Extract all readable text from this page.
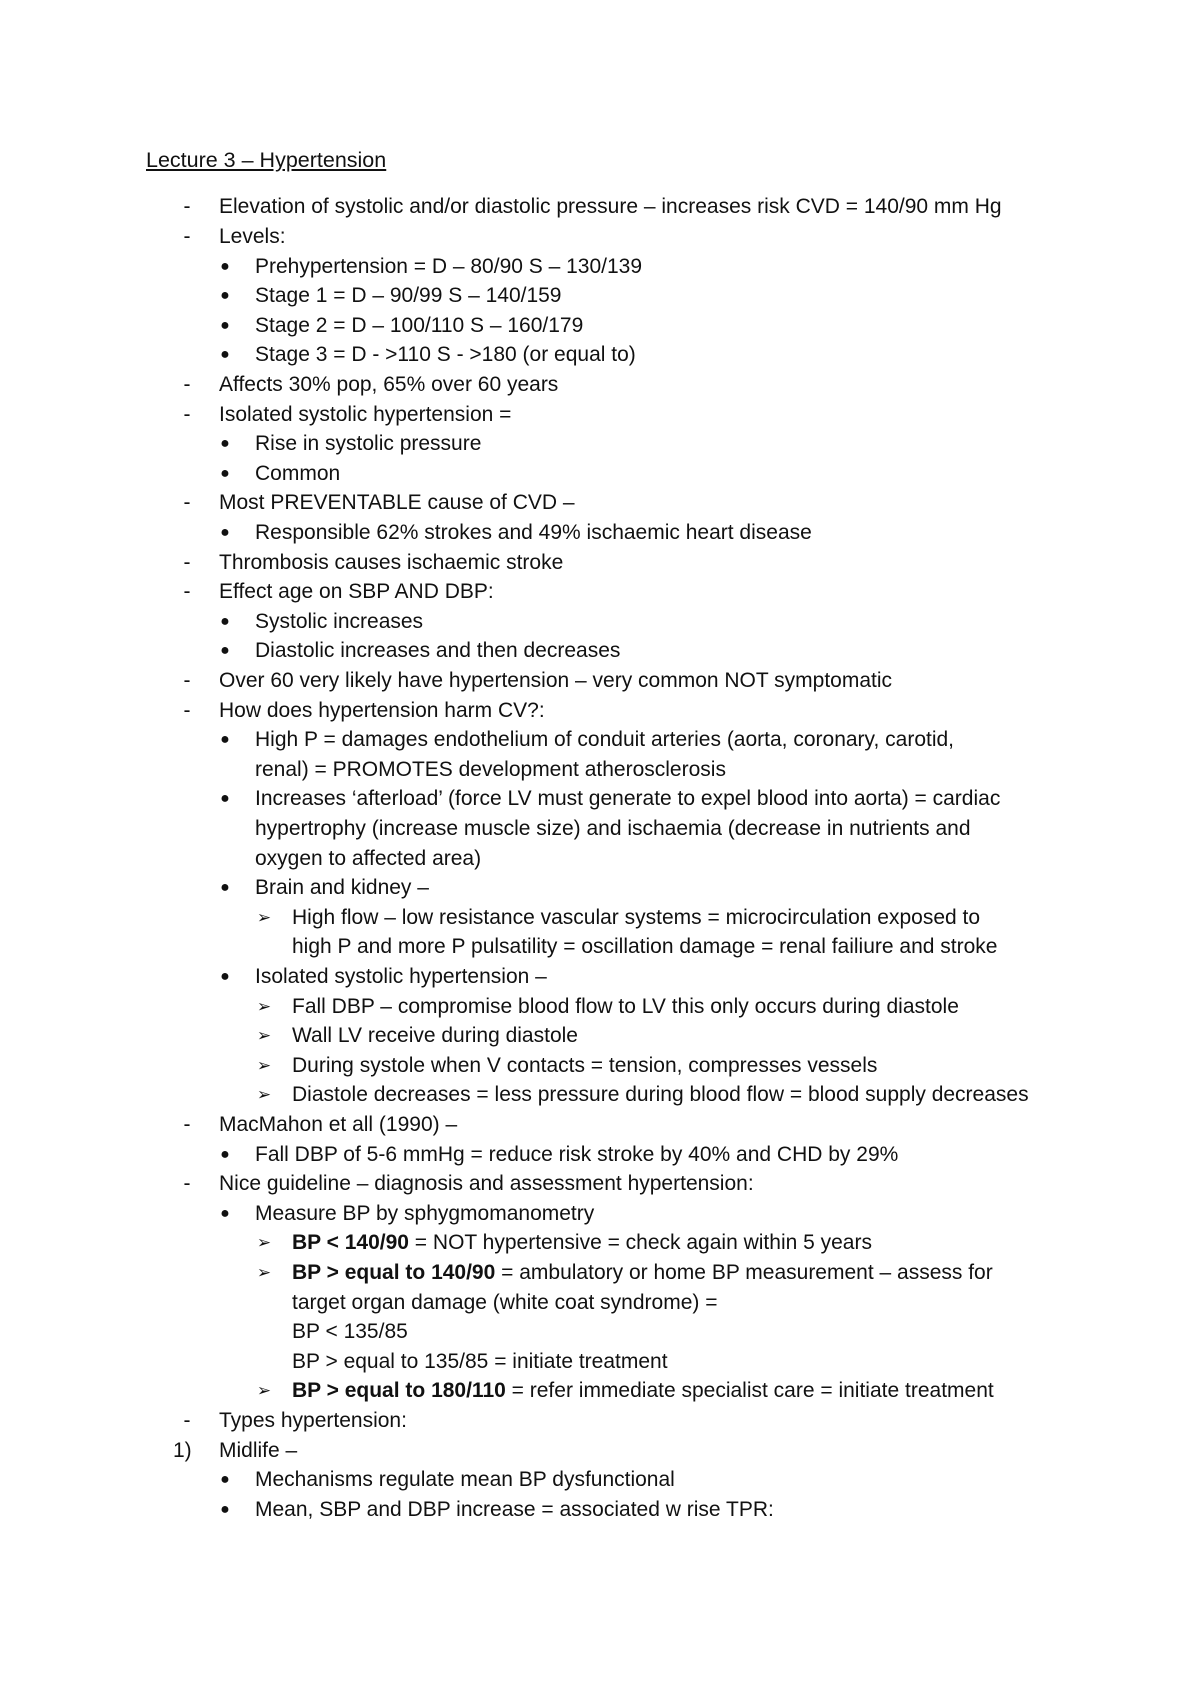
Lecture 3 – Hypertension
-	Elevation of systolic and/or diastolic pressure – increases risk CVD = 140/90 mm Hg
-	Levels:
●	Prehypertension = D – 80/90 S – 130/139
●	Stage 1 = D – 90/99 S – 140/159
●	Stage 2 = D – 100/110 S – 160/179
●	Stage 3 = D - >110 S - >180 (or equal to)
-	Affects 30% pop, 65% over 60 years
-	Isolated systolic hypertension =
●	Rise in systolic pressure
●	Common
-	Most PREVENTABLE cause of CVD –
●	Responsible 62% strokes and 49% ischaemic heart disease
-	Thrombosis causes ischaemic stroke
-	Effect age on SBP AND DBP:
●	Systolic increases
●	Diastolic increases and then decreases
-	Over 60 very likely have hypertension – very common NOT symptomatic
-	How does hypertension harm CV?:
●	High P = damages endothelium of conduit arteries (aorta, coronary, carotid,
renal) = PROMOTES development atherosclerosis
●	Increases ‘afterload’ (force LV must generate to expel blood into aorta) = cardiac
hypertrophy (increase muscle size) and ischaemia (decrease in nutrients and
oxygen to affected area)
●	Brain and kidney –
➢ High flow – low resistance vascular systems = microcirculation exposed to
high P and more P pulsatility = oscillation damage = renal failiure and stroke
●	Isolated systolic hypertension –
➢ Fall DBP – compromise blood flow to LV this only occurs during diastole
➢ Wall LV receive during diastole
➢ During systole when V contacts = tension, compresses vessels
➢ Diastole decreases = less pressure during blood flow = blood supply decreases
-	MacMahon et all (1990) –
●	Fall DBP of 5-6 mmHg = reduce risk stroke by 40% and CHD by 29%
-	Nice guideline – diagnosis and assessment hypertension:
●	Measure BP by sphygmomanometry
➢ BP < 140/90 = NOT hypertensive = check again within 5 years
➢ BP > equal to 140/90 = ambulatory or home BP measurement – assess for
target organ damage (white coat syndrome) =
BP < 135/85
BP > equal to 135/85 = initiate treatment
➢ BP > equal to 180/110 = refer immediate specialist care = initiate treatment
-	Types hypertension:
1)	Midlife –
●	Mechanisms regulate mean BP dysfunctional
●	Mean, SBP and DBP increase = associated w rise TPR:
